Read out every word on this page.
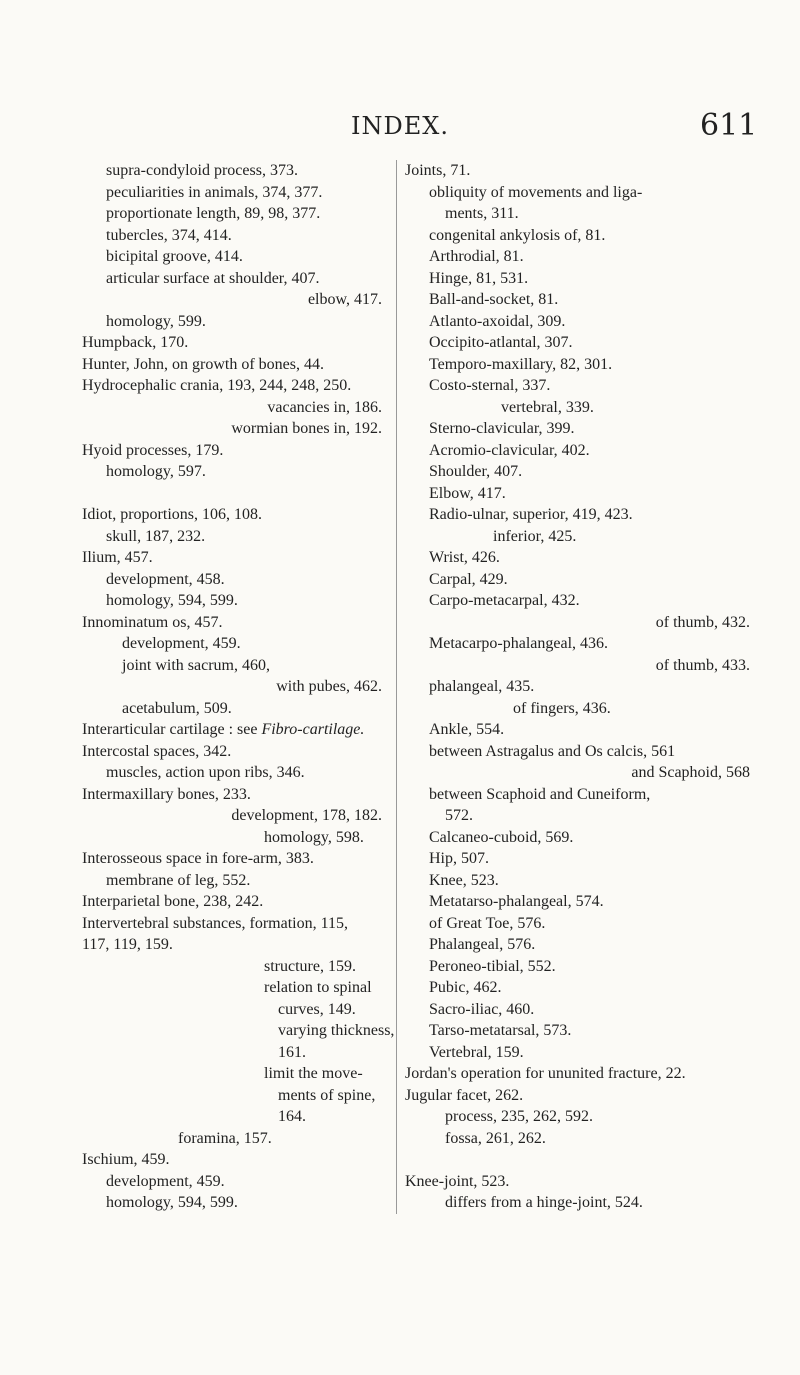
INDEX.	611
supra-condyloid process, 373.
peculiarities in animals, 374, 377.
proportionate length, 89, 98, 377.
tubercles, 374, 414.
bicipital groove, 414.
articular surface at shoulder, 407.
elbow, 417.
homology, 599.
Humpback, 170.
Hunter, John, on growth of bones, 44.
Hydrocephalic crania, 193, 244, 248, 250.
vacancies in, 186.
wormian bones in, 192.
Hyoid processes, 179.
homology, 597.
Idiot, proportions, 106, 108.
skull, 187, 232.
Ilium, 457.
development, 458.
homology, 594, 599.
Innominatum os, 457.
development, 459.
joint with sacrum, 460,
with pubes, 462.
acetabulum, 509.
Interarticular cartilage : see Fibro-cartilage.
Intercostal spaces, 342.
muscles, action upon ribs, 346.
Intermaxillary bones, 233.
development, 178, 182.
homology, 598.
Interosseous space in fore-arm, 383.
membrane of leg, 552.
Interparietal bone, 238, 242.
Intervertebral substances, formation, 115,
117, 119, 159.
structure, 159.
relation to spinal
curves, 149.
varying thickness,
161.
limit the move-
ments of spine,
164.
foramina, 157.
Ischium, 459.
development, 459.
homology, 594, 599.
Joints, 71.
obliquity of movements and liga-
ments, 311.
congenital ankylosis of, 81.
Arthrodial, 81.
Hinge, 81, 531.
Ball-and-socket, 81.
Atlanto-axoidal, 309.
Occipito-atlantal, 307.
Temporo-maxillary, 82, 301.
Costo-sternal, 337.
vertebral, 339.
Sterno-clavicular, 399.
Acromio-clavicular, 402.
Shoulder, 407.
Elbow, 417.
Radio-ulnar, superior, 419, 423.
inferior, 425.
Wrist, 426.
Carpal, 429.
Carpo-metacarpal, 432.
of thumb, 432.
Metacarpo-phalangeal, 436.
of thumb, 433.
phalangeal, 435.
of fingers, 436.
Ankle, 554.
between Astragalus and Os calcis, 561
and Scaphoid, 568
between Scaphoid and Cuneiform,
572.
Calcaneo-cuboid, 569.
Hip, 507.
Knee, 523.
Metatarso-phalangeal, 574.
of Great Toe, 576.
Phalangeal, 576.
Peroneo-tibial, 552.
Pubic, 462.
Sacro-iliac, 460.
Tarso-metatarsal, 573.
Vertebral, 159.
Jordan's operation for ununited fracture, 22.
Jugular facet, 262.
process, 235, 262, 592.
fossa, 261, 262.
Knee-joint, 523.
differs from a hinge-joint, 524.
